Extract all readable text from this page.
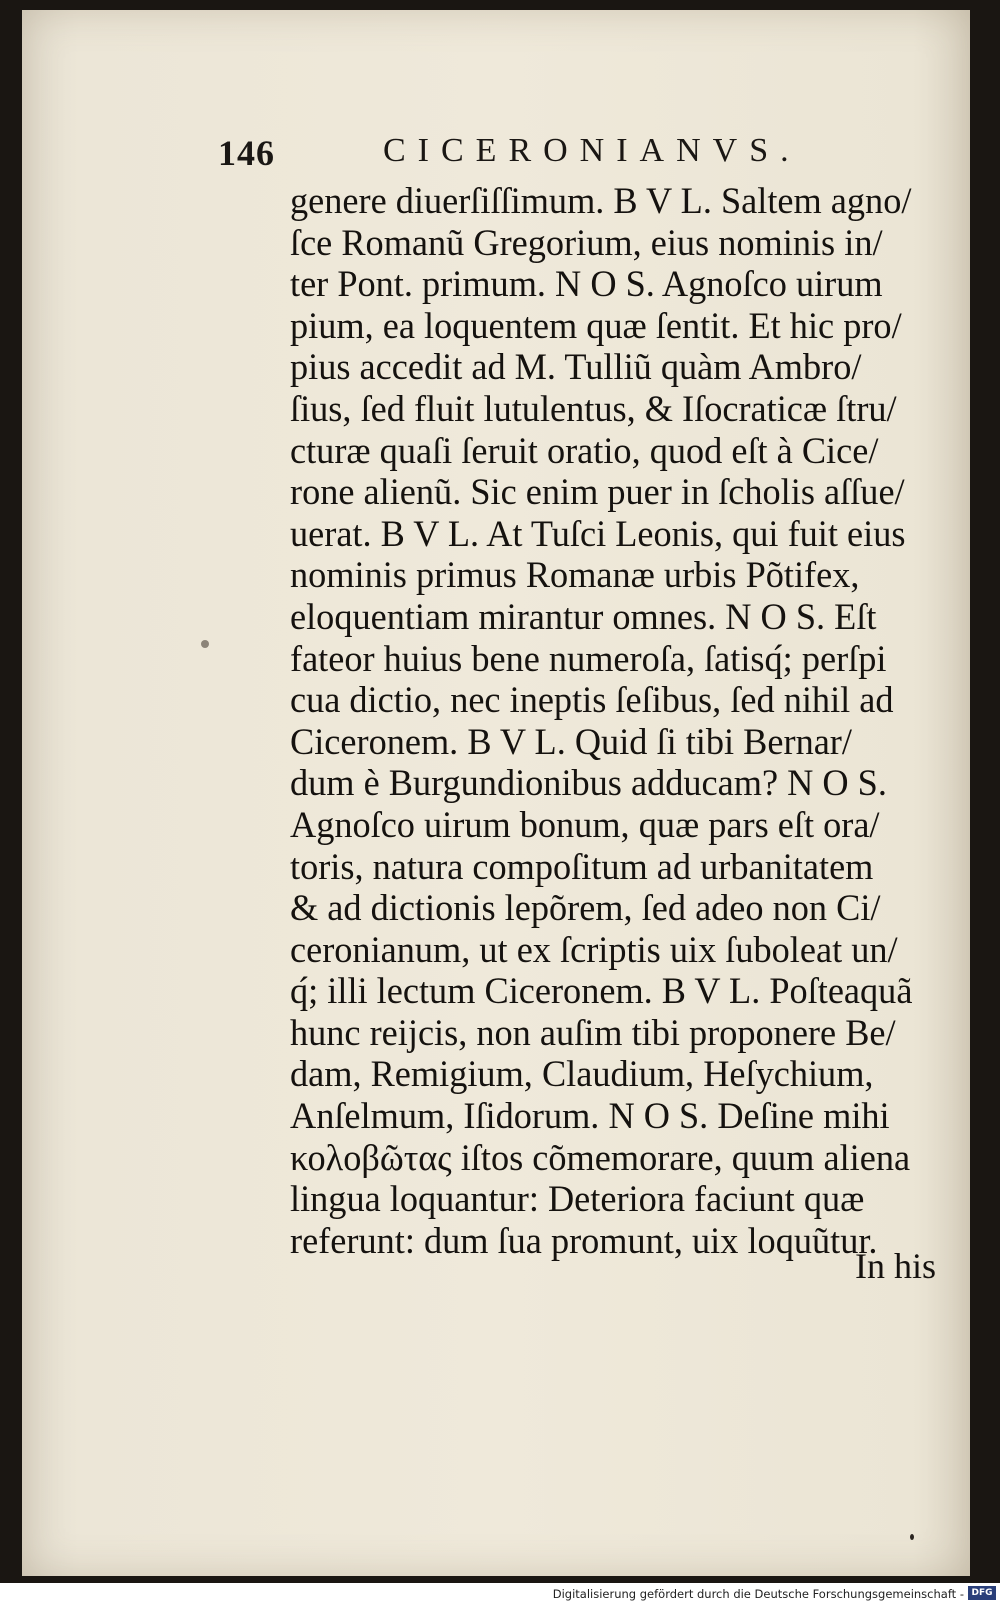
146	CICERONIANVS.
genere diuerſiſſimum. B V L. Saltem agno/
ſce Romanũ Gregorium, eius nominis in/
ter Pont. primum. N O S. Agnoſco uirum
pium, ea loquentem quæ ſentit. Et hic pro/
pius accedit ad M. Tulliũ quàm Ambro/
ſius, ſed fluit lutulentus, & Iſocraticæ ſtru/
cturæ quaſi ſeruit oratio, quod eſt à Cice/
rone alienũ. Sic enim puer in ſcholis aſſue/
uerat. B V L. At Tuſci Leonis, qui fuit eius
nominis primus Romanæ urbis Põtifex,
eloquentiam mirantur omnes. N O S. Eſt
fateor huius bene numeroſa, ſatisq́; perſpi
cua dictio, nec ineptis ſeſibus, ſed nihil ad
Ciceronem. B V L. Quid ſi tibi Bernar/
dum è Burgundionibus adducam? N O S.
Agnoſco uirum bonum, quæ pars eſt ora/
toris, natura compoſitum ad urbanitatem
& ad dictionis lepõrem, ſed adeo non Ci/
ceronianum, ut ex ſcriptis uix ſuboleat un/
q́; illi lectum Ciceronem. B V L. Poſteaquã
hunc reijcis, non auſim tibi proponere Be/
dam, Remigium, Claudium, Heſychium,
Anſelmum, Iſidorum. N O S. Deſine mihi
κολοβῶτας iſtos cõmemorare, quum aliena
lingua loquantur: Deteriora faciunt quæ
referunt: dum ſua promunt, uix loquũtur.
In his
Digitalisierung gefördert durch die Deutsche Forschungsgemeinschaft - DFG
